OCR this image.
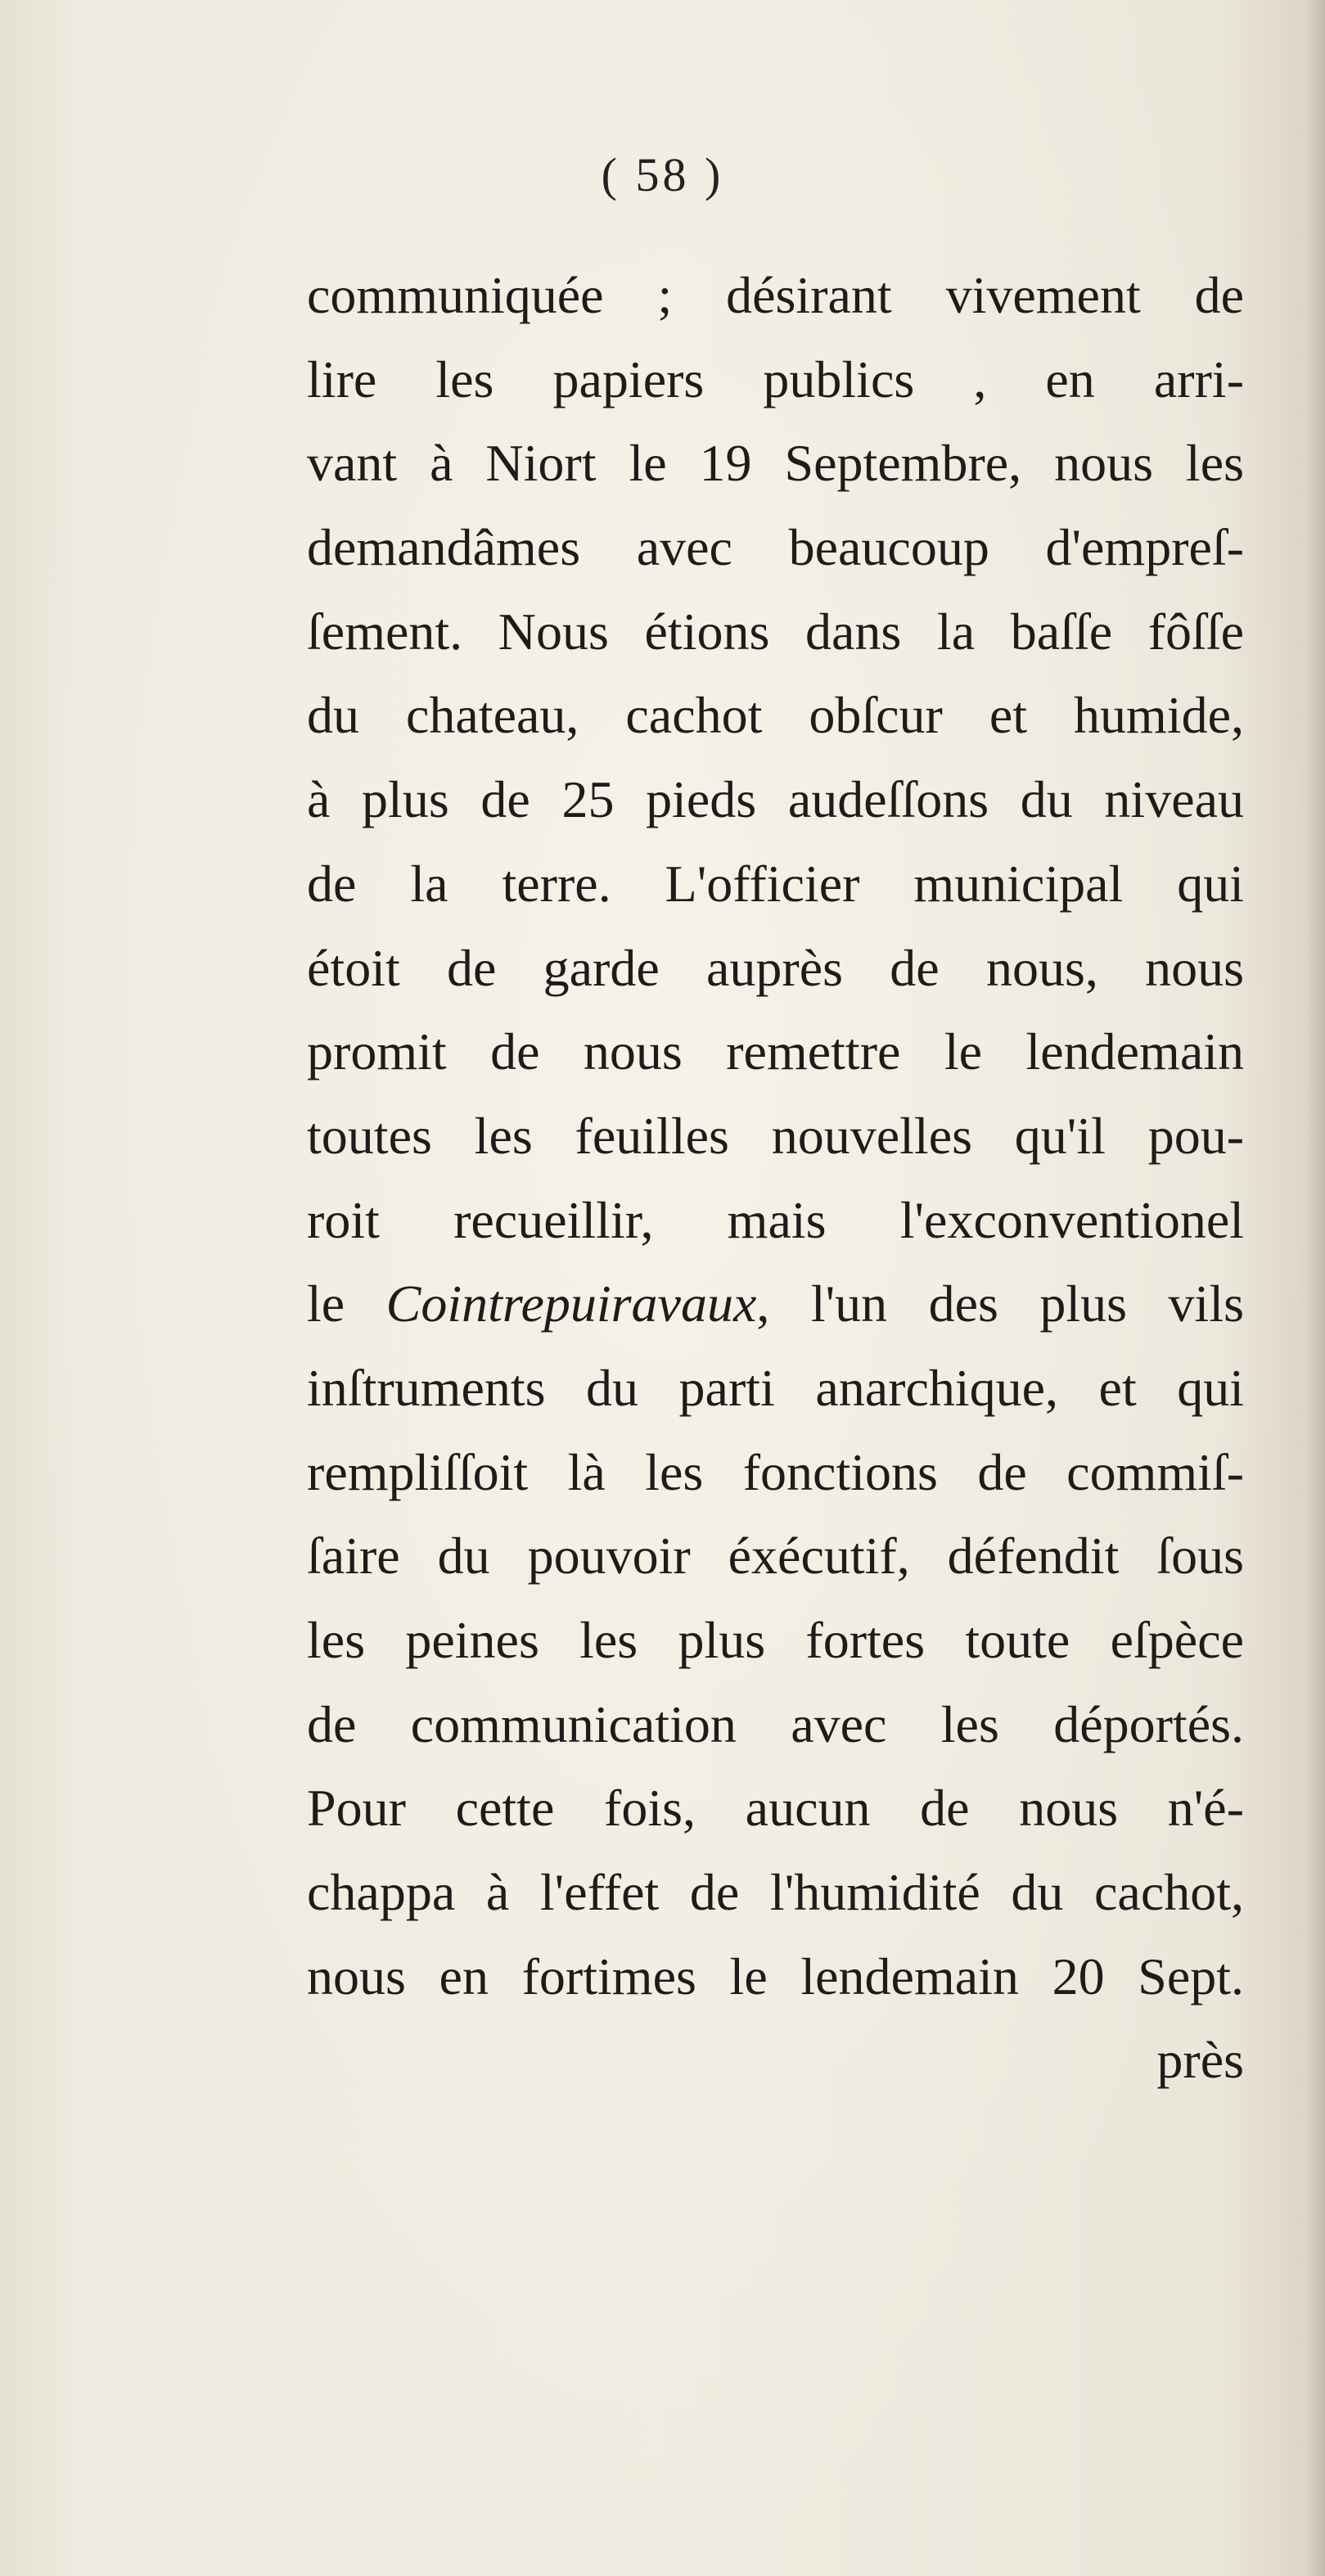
( 58 )
communiquée ; désirant vivement de
lire les papiers publics , en arri-
vant à Niort le 19 Septembre, nous les
demandâmes avec beaucoup d'empreſ-
ſement. Nous étions dans la baſſe fôſſe
du chateau, cachot obſcur et humide,
à plus de 25 pieds audeſſons du niveau
de la terre. L'officier municipal qui
étoit de garde auprès de nous, nous
promit de nous remettre le lendemain
toutes les feuilles nouvelles qu'il pou-
roit recueillir, mais l'exconventionel
le Cointrepuiravaux, l'un des plus vils
inſtruments du parti anarchique, et qui
rempliſſoit là les fonctions de commiſ-
ſaire du pouvoir éxécutif, défendit ſous
les peines les plus fortes toute eſpèce
de communication avec les déportés.
Pour cette fois, aucun de nous n'é-
chappa à l'effet de l'humidité du cachot,
nous en fortimes le lendemain 20 Sept.
près
